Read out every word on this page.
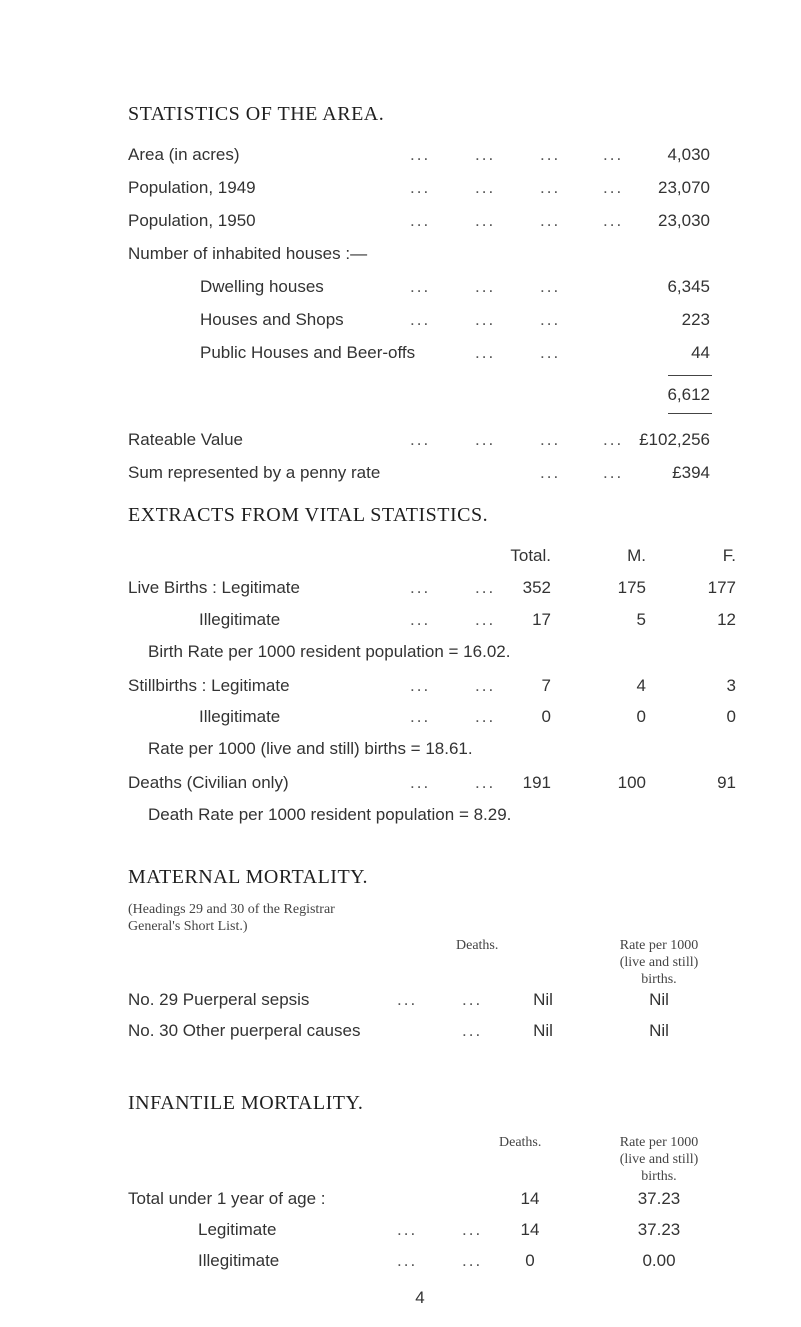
STATISTICS OF THE AREA.
Area (in acres)	...	...	...	...	4,030
Population, 1949	...	...	...	... 23,070
Population, 1950	...	...	...	... 23,030
Number of inhabited houses :—
Dwelling houses	...	...	...	6,345
Houses and Shops	...	...	...	223
Public Houses and Beer-offs	...	...	44
6,612
Rateable Value	...	...	...	... £102,256
Sum represented by a penny rate	...	...	£394
EXTRACTS FROM VITAL STATISTICS.
Total.	M.	F.
Live Births : Legitimate	...	... 352	175	177
Illegitimate	...	... 17	5	12
Birth Rate per 1000 resident population = 16.02.
Stillbirths : Legitimate	...	...	7	4	3
Illegitimate	...	...	0	0	0
Rate per 1000 (live and still) births = 18.61.
Deaths (Civilian only)	...	... 191	100	91
Death Rate per 1000 resident population = 8.29.
MATERNAL MORTALITY.
(Headings 29 and 30 of the Registrar
General's Short List.)
Deaths.	Rate per 1000
(live and still)
births.
No. 29 Puerperal sepsis	...	...	Nil	Nil
No. 30 Other puerperal causes	...	Nil	Nil
INFANTILE MORTALITY.
Deaths.	Rate per 1000
(live and still)
births.
Total under 1 year of age :	14	37.23
Legitimate	...	...	14	37.23
Illegitimate	...	...	0	0.00
4
